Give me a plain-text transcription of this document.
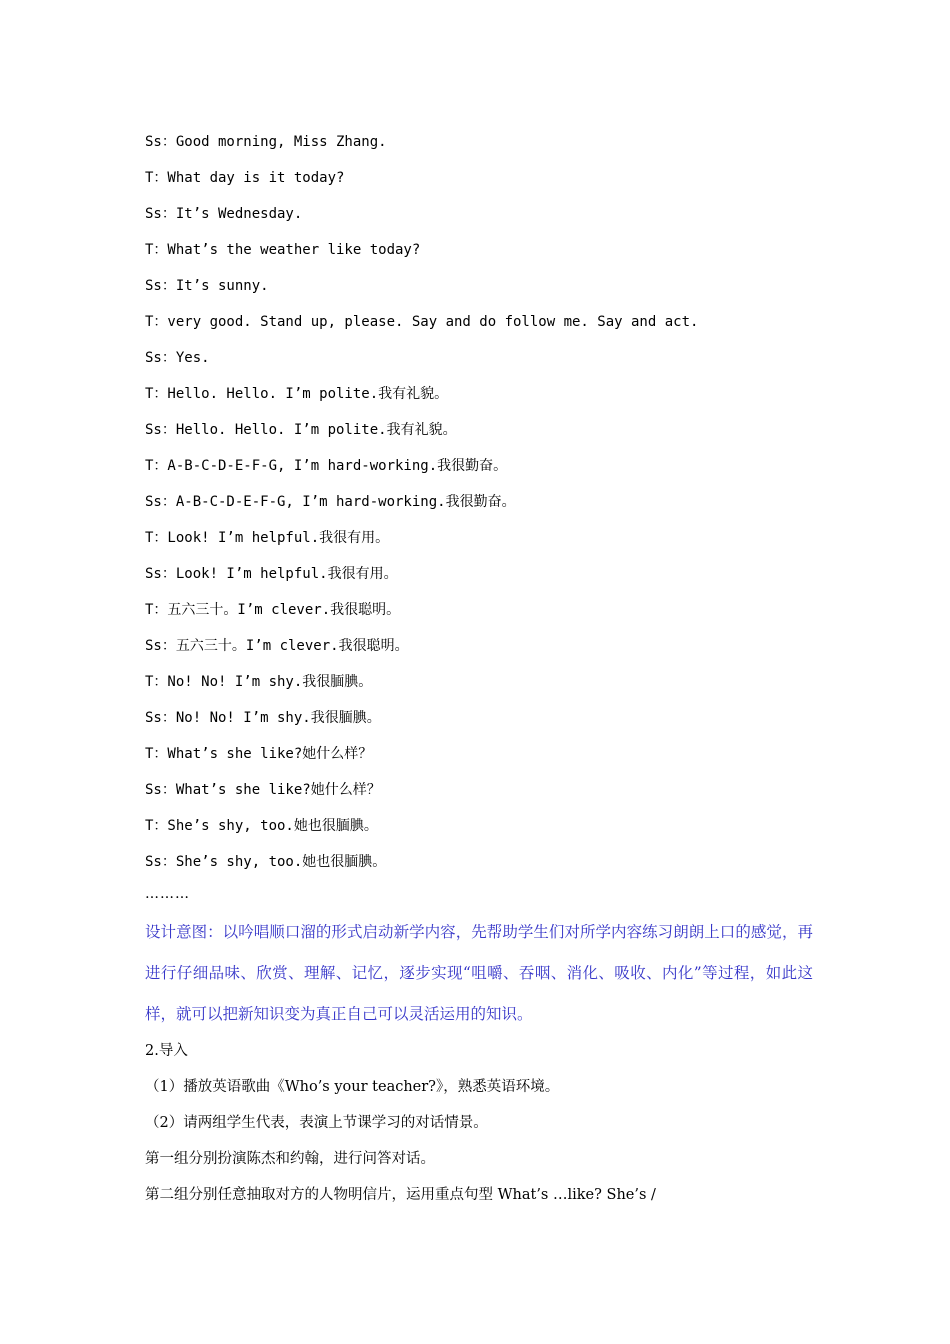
Ss：Good morning, Miss Zhang.
T：What day is it today?
Ss：It’s Wednesday.
T：What’s the weather like today?
Ss：It’s sunny.
T：very good. Stand up, please. Say and do follow me. Say and act.
Ss：Yes.
T：Hello. Hello. I’m polite.我有礼貌。
Ss：Hello. Hello. I’m polite.我有礼貌。
T：A-B-C-D-E-F-G, I’m hard-working.我很勤奋。
Ss：A-B-C-D-E-F-G, I’m hard-working.我很勤奋。
T：Look! I’m helpful.我很有用。
Ss：Look! I’m helpful.我很有用。
T：五六三十。I’m clever.我很聪明。
Ss：五六三十。I’m clever.我很聪明。
T：No! No! I’m shy.我很腼腆。
Ss：No! No! I’m shy.我很腼腆。
T：What’s she like?她什么样？
Ss：What’s she like?她什么样？
T：She’s shy, too.她也很腼腆。
Ss：She’s shy, too.她也很腼腆。
………
设计意图：以吟唱顺口溜的形式启动新学内容，先帮助学生们对所学内容练习朗朗上口的感觉，再进行仔细品味、欣赏、理解、记忆，逐步实现“咀嚼、吞咽、消化、吸收、内化”等过程，如此这样，就可以把新知识变为真正自己可以灵活运用的知识。
2.导入
（1）播放英语歌曲《Who’s your teacher?》，熟悉英语环境。
（2）请两组学生代表，表演上节课学习的对话情景。
第一组分别扮演陈杰和约翰，进行问答对话。
第二组分别任意抽取对方的人物明信片，运用重点句型 What’s …like? She’s /
